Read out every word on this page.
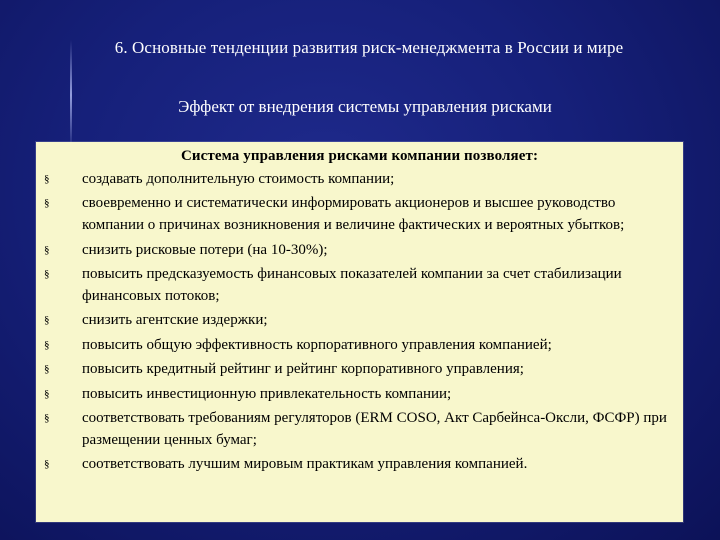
6. Основные тенденции развития риск-менеджмента в России и мире
Эффект от внедрения системы управления рисками
Система управления рисками компании позволяет:
§ создавать дополнительную стоимость компании;
§ своевременно и систематически информировать акционеров и высшее руководство компании о причинах возникновения и величине фактических и вероятных убытков;
§ снизить рисковые потери (на 10-30%);
§ повысить предсказуемость финансовых показателей компании за счет стабилизации финансовых потоков;
§ снизить агентские издержки;
§ повысить общую эффективность корпоративного управления компанией;
§ повысить кредитный рейтинг и рейтинг корпоративного управления;
§ повысить инвестиционную привлекательность компании;
§ соответствовать требованиям регуляторов (ERM COSO, Акт Сарбейнса-Оксли, ФСФР) при размещении ценных бумаг;
§ соответствовать лучшим мировым практикам управления компанией.
